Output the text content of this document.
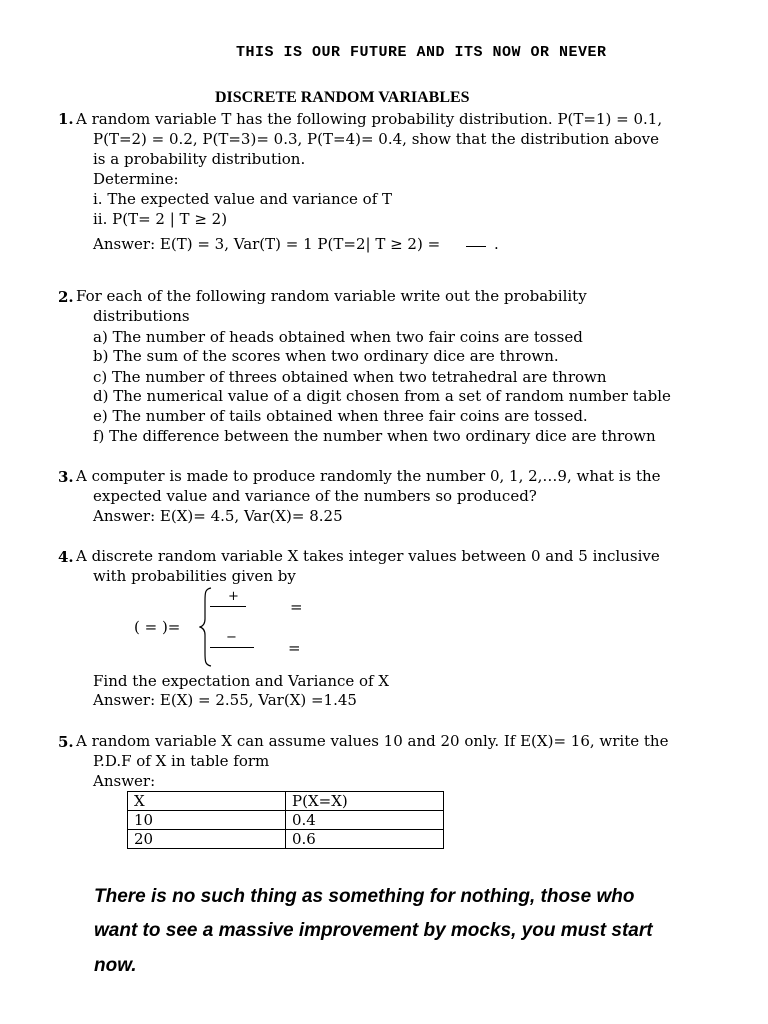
THIS IS OUR FUTURE AND ITS NOW OR NEVER
DISCRETE RANDOM VARIABLES
1. A random variable T has the following probability distribution. P(T=1) = 0.1,
P(T=2) = 0.2, P(T=3)= 0.3, P(T=4)= 0.4, show that the distribution above
is a probability distribution.
Determine:
i. The expected value and variance of T
ii. P(T= 2 | T ≥ 2)
Answer: E(T) = 3, Var(T) = 1 P(T=2| T ≥ 2) =	.
2. For each of the following random variable write out the probability
distributions
a) The number of heads obtained when two fair coins are tossed
b) The sum of the scores when two ordinary dice are thrown.
c) The number of threes obtained when two tetrahedral are thrown
d) The numerical value of a digit chosen from a set of random number table
e) The number of tails obtained when three fair coins are tossed.
f) The difference between the number when two ordinary dice are thrown
3. A computer is made to produce randomly the number 0, 1, 2,…9, what is the
expected value and variance of the numbers so produced?
Answer: E(X)= 4.5, Var(X)= 8.25
4. A discrete random variable X takes integer values between 0 and 5 inclusive
with probabilities given by
( = )=
+
=
−
=
Find the expectation and Variance of X
Answer: E(X) = 2.55, Var(X) =1.45
5. A random variable X can assume values 10 and 20 only. If E(X)= 16, write the
P.D.F of X in table form
Answer:
X	P(X=X)
10	0.4
20	0.6
There is no such thing as something for nothing, those who
want to see a massive improvement by mocks, you must start
now.
